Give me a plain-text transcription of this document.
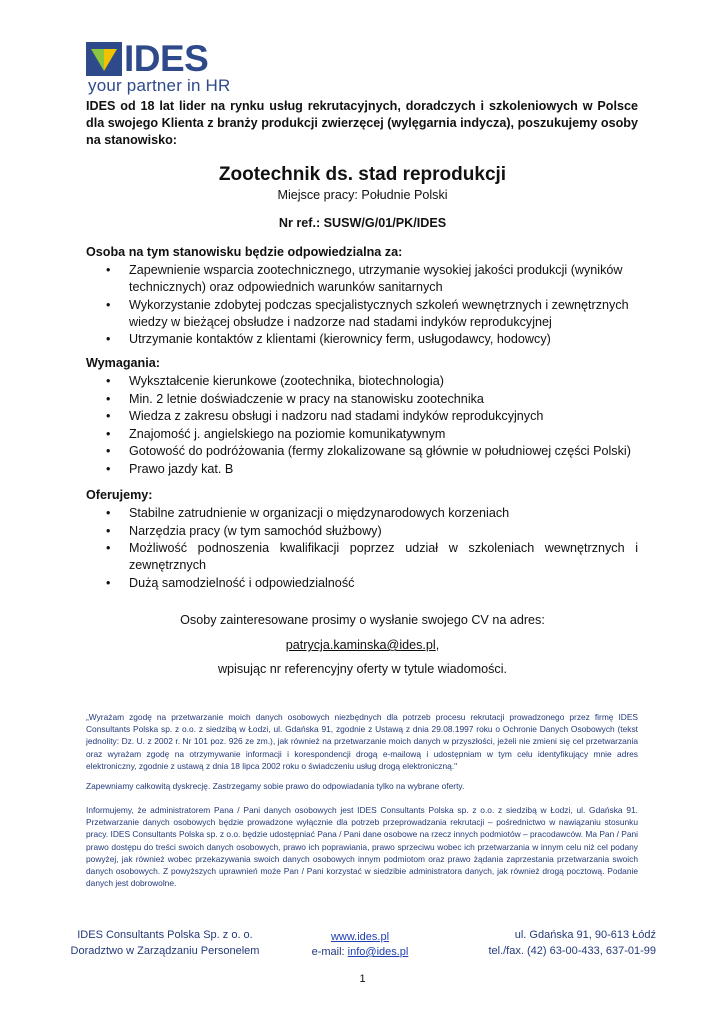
IDES
your partner in HR
IDES od 18 lat lider na rynku usług rekrutacyjnych, doradczych i szkoleniowych w Polsce dla swojego Klienta z branży produkcji zwierzęcej (wylęgarnia indycza), poszukujemy osoby na stanowisko:
Zootechnik ds. stad reprodukcji
Miejsce pracy: Południe Polski
Nr ref.: SUSW/G/01/PK/IDES
Osoba na tym stanowisku będzie odpowiedzialna za:
• Zapewnienie wsparcia zootechnicznego, utrzymanie wysokiej jakości produkcji (wyników technicznych) oraz odpowiednich warunków sanitarnych
• Wykorzystanie zdobytej podczas specjalistycznych szkoleń wewnętrznych i zewnętrznych wiedzy w bieżącej obsłudze i nadzorze nad stadami indyków reprodukcyjnej
• Utrzymanie kontaktów z klientami (kierownicy ferm, usługodawcy, hodowcy)
Wymagania:
• Wykształcenie kierunkowe (zootechnika, biotechnologia)
• Min. 2 letnie doświadczenie w pracy na stanowisku zootechnika
• Wiedza z zakresu obsługi i nadzoru nad stadami indyków reprodukcyjnych
• Znajomość j. angielskiego na poziomie komunikatywnym
• Gotowość do podróżowania (fermy zlokalizowane są głównie w południowej części Polski)
• Prawo jazdy kat. B
Oferujemy:
• Stabilne zatrudnienie w organizacji o międzynarodowych korzeniach
• Narzędzia pracy (w tym samochód służbowy)
• Możliwość podnoszenia kwalifikacji poprzez udział w szkoleniach wewnętrznych i zewnętrznych
• Dużą samodzielność i odpowiedzialność
Osoby zainteresowane prosimy o wysłanie swojego CV na adres:
patrycja.kaminska@ides.pl,
wpisując nr referencyjny oferty w tytule wiadomości.
„Wyrażam zgodę na przetwarzanie moich danych osobowych niezbędnych dla potrzeb procesu rekrutacji prowadzonego przez firmę IDES Consultants Polska sp. z o.o. z siedzibą w Łodzi, ul. Gdańska 91, zgodnie z Ustawą z dnia 29.08.1997 roku o Ochronie Danych Osobowych (tekst jednolity: Dz. U. z 2002 r. Nr 101 poz. 926 ze zm.), jak również na przetwarzanie moich danych w przyszłości, jeżeli nie zmieni się cel przetwarzania oraz wyrażam zgodę na otrzymywanie informacji i korespondencji drogą e-mailową i udostępniam w tym celu identyfikujący mnie adres elektroniczny, zgodnie z ustawą z dnia 18 lipca 2002 roku o świadczeniu usług drogą elektroniczną."
Zapewniamy całkowitą dyskrecję. Zastrzegamy sobie prawo do odpowiadania tylko na wybrane oferty.
Informujemy, że administratorem Pana / Pani danych osobowych jest IDES Consultants Polska sp. z o.o. z siedzibą w Łodzi, ul. Gdańska 91. Przetwarzanie danych osobowych będzie prowadzone wyłącznie dla potrzeb przeprowadzania rekrutacji – pośrednictwo w nawiązaniu stosunku pracy. IDES Consultants Polska sp. z o.o. będzie udostępniać Pana / Pani dane osobowe na rzecz innych podmiotów – pracodawców. Ma Pan / Pani prawo dostępu do treści swoich danych osobowych, prawo ich poprawiania, prawo sprzeciwu wobec ich przetwarzania w innym celu niż cel podany powyżej, jak również wobec przekazywania swoich danych osobowych innym podmiotom oraz prawo żądania zaprzestania przetwarzania swoich danych osobowych. Z powyższych uprawnień może Pan / Pani korzystać w siedzibie administratora danych, jak również drogą pocztową. Podanie danych jest dobrowolne.
IDES Consultants Polska Sp. z o. o.
Doradztwo w Zarządzaniu Personelem
www.ides.pl
e-mail: info@ides.pl
ul. Gdańska 91, 90-613 Łódź
tel./fax. (42) 63-00-433, 637-01-99
1
